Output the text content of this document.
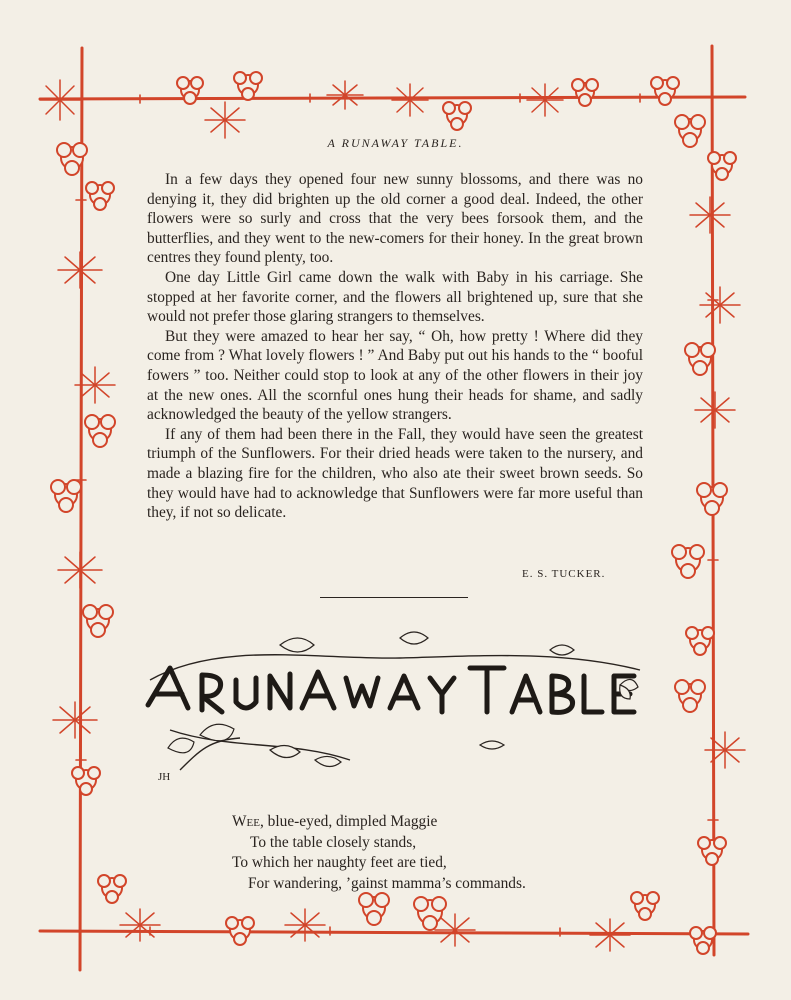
A RUNAWAY TABLE.

In a few days they opened four new sunny blossoms, and there was no denying it, they did brighten up the old corner a good deal. Indeed, the other flowers were so surly and cross that the very bees forsook them, and the butterflies, and they went to the new-comers for their honey. In the great brown centres they found plenty, too.

One day Little Girl came down the walk with Baby in his carriage. She stopped at her favorite corner, and the flowers all brightened up, sure that she would not prefer those glaring strangers to themselves.

But they were amazed to hear her say, “ Oh, how pretty ! Where did they come from ? What lovely flowers ! ” And Baby put out his hands to the “ booful fowers ” too. Neither could stop to look at any of the other flowers in their joy at the new ones. All the scornful ones hung their heads for shame, and sadly acknowledged the beauty of the yellow strangers.

If any of them had been there in the Fall, they would have seen the greatest triumph of the Sunflowers. For their dried heads were taken to the nursery, and made a blazing fire for the children, who also ate their sweet brown seeds. So they would have had to acknowledge that Sunflowers were far more useful than they, if not so delicate.

E. S. TUCKER.
JH
Wee, blue-eyed, dimpled Maggie
To the table closely stands,
To which her naughty feet are tied,
For wandering, ’gainst mamma’s commands.
